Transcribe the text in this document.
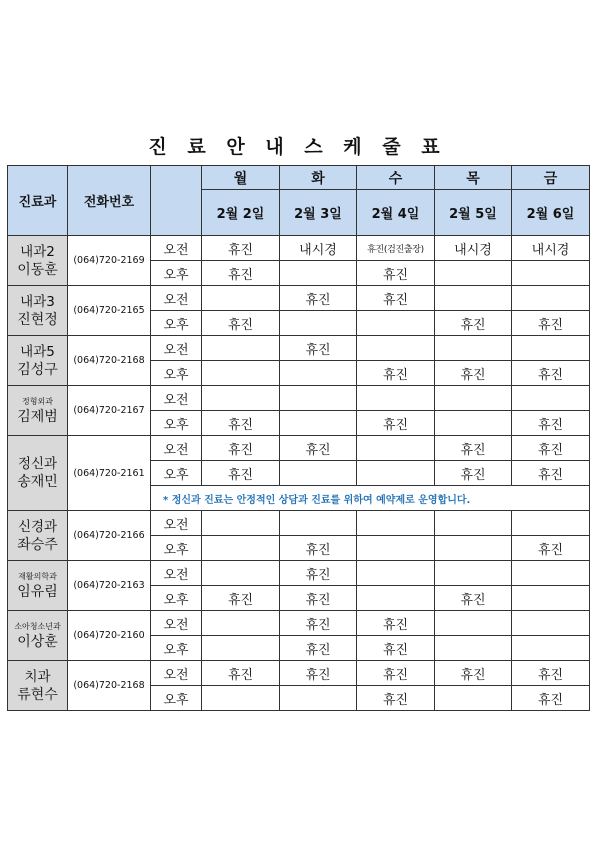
진 료 안 내 스 케 줄 표
진료과	전화번호		월	화	수	목	금
			2월 2일	2월 3일	2월 4일	2월 5일	2월 6일

내과2
이동훈	(064)720-2169	오전	휴진	내시경	휴진(검진출장)	내시경	내시경
		오후	휴진		휴진		

내과3
진현정	(064)720-2165	오전		휴진	휴진		
		오후	휴진			휴진	휴진

내과5
김성구	(064)720-2168	오전		휴진			
		오후			휴진	휴진	휴진

정형외과
김제범	(064)720-2167	오전					
		오후	휴진		휴진		휴진

정신과
송재민	(064)720-2161	오전	휴진	휴진		휴진	휴진
		오후	휴진			휴진	휴진
		* 정신과 진료는 안정적인 상담과 진료를 위하여 예약제로 운영합니다.					

신경과
좌승주	(064)720-2166	오전					
		오후		휴진			휴진

재활의학과
임유림	(064)720-2163	오전		휴진			
		오후	휴진	휴진		휴진	

소아청소년과
이상훈	(064)720-2160	오전		휴진	휴진		
		오후		휴진	휴진		

치과
류현수	(064)720-2168	오전	휴진	휴진	휴진	휴진	휴진
		오후			휴진		휴진
